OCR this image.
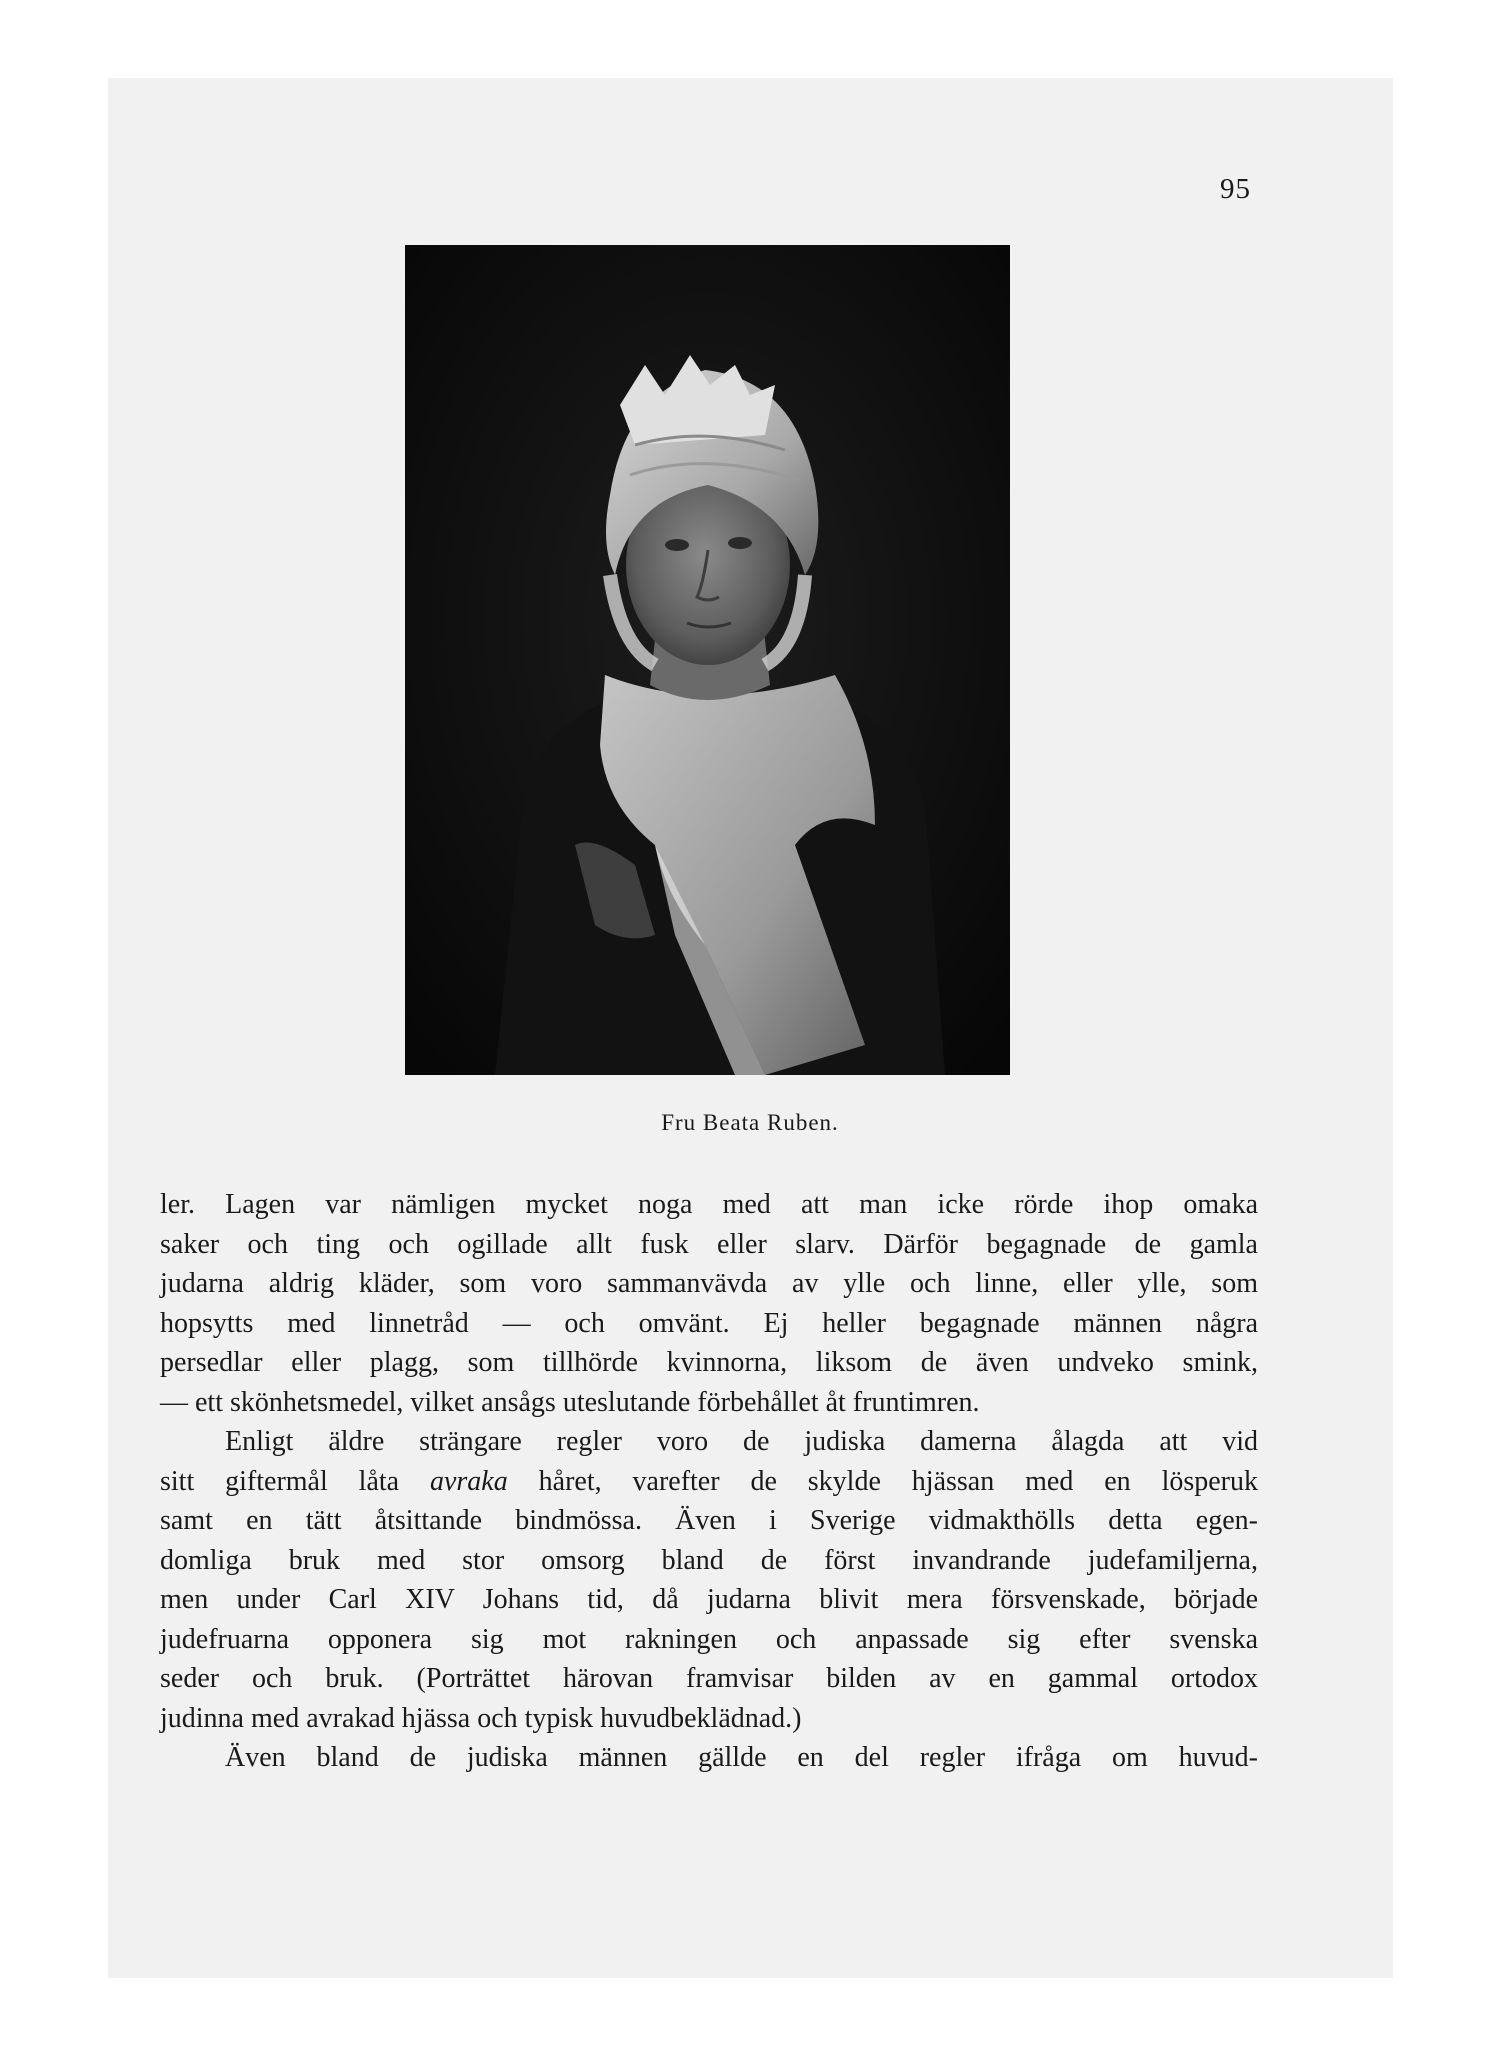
95
Fru Beata Ruben.
ler. Lagen var nämligen mycket noga med att man icke rörde ihop omaka
saker och ting och ogillade allt fusk eller slarv. Därför begagnade de gamla
judarna aldrig kläder, som voro sammanvävda av ylle och linne, eller ylle, som
hopsytts med linnetråd — och omvänt. Ej heller begagnade männen några
persedlar eller plagg, som tillhörde kvinnorna, liksom de även undveko smink,
— ett skönhetsmedel, vilket ansågs uteslutande förbehållet åt fruntimren.
Enligt äldre strängare regler voro de judiska damerna ålagda att vid
sitt giftermål låta avraka håret, varefter de skylde hjässan med en lösperuk
samt en tätt åtsittande bindmössa. Även i Sverige vidmakthölls detta egen-
domliga bruk med stor omsorg bland de först invandrande judefamiljerna,
men under Carl XIV Johans tid, då judarna blivit mera försvenskade, började
judefruarna opponera sig mot rakningen och anpassade sig efter svenska
seder och bruk. (Porträttet härovan framvisar bilden av en gammal ortodox
judinna med avrakad hjässa och typisk huvudbeklädnad.)
Även bland de judiska männen gällde en del regler ifråga om huvud-
